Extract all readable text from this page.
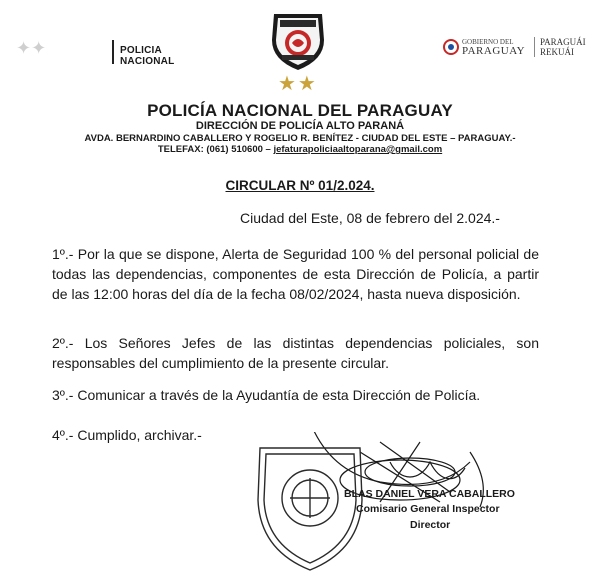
✦✦	POLICIA NACIONAL
★★
GOBIERNO DEL
PARAGUAY
PARAGUÁI
REKUÁI
POLICÍA NACIONAL DEL PARAGUAY
DIRECCIÓN DE POLICÍA ALTO PARANÁ
AVDA. BERNARDINO CABALLERO Y ROGELIO R. BENÍTEZ - CIUDAD DEL ESTE – PARAGUAY.-
TELEFAX: (061) 510600 – jefaturapoliciaaltoparana@gmail.com
CIRCULAR Nº 01/2.024.
Ciudad del Este, 08 de febrero del 2.024.-
1º.- Por la que se dispone, Alerta de Seguridad 100 % del personal policial de todas las dependencias, componentes de esta Dirección de Policía, a partir de las 12:00 horas del día de la fecha 08/02/2024, hasta nueva disposición.
2º.- Los Señores Jefes de las distintas dependencias policiales, son responsables del cumplimiento de la presente circular.
3º.- Comunicar a través de la Ayudantía de esta Dirección de Policía.
4º.- Cumplido, archivar.-
BLAS DANIEL VERA CABALLERO
Comisario General Inspector
Director
